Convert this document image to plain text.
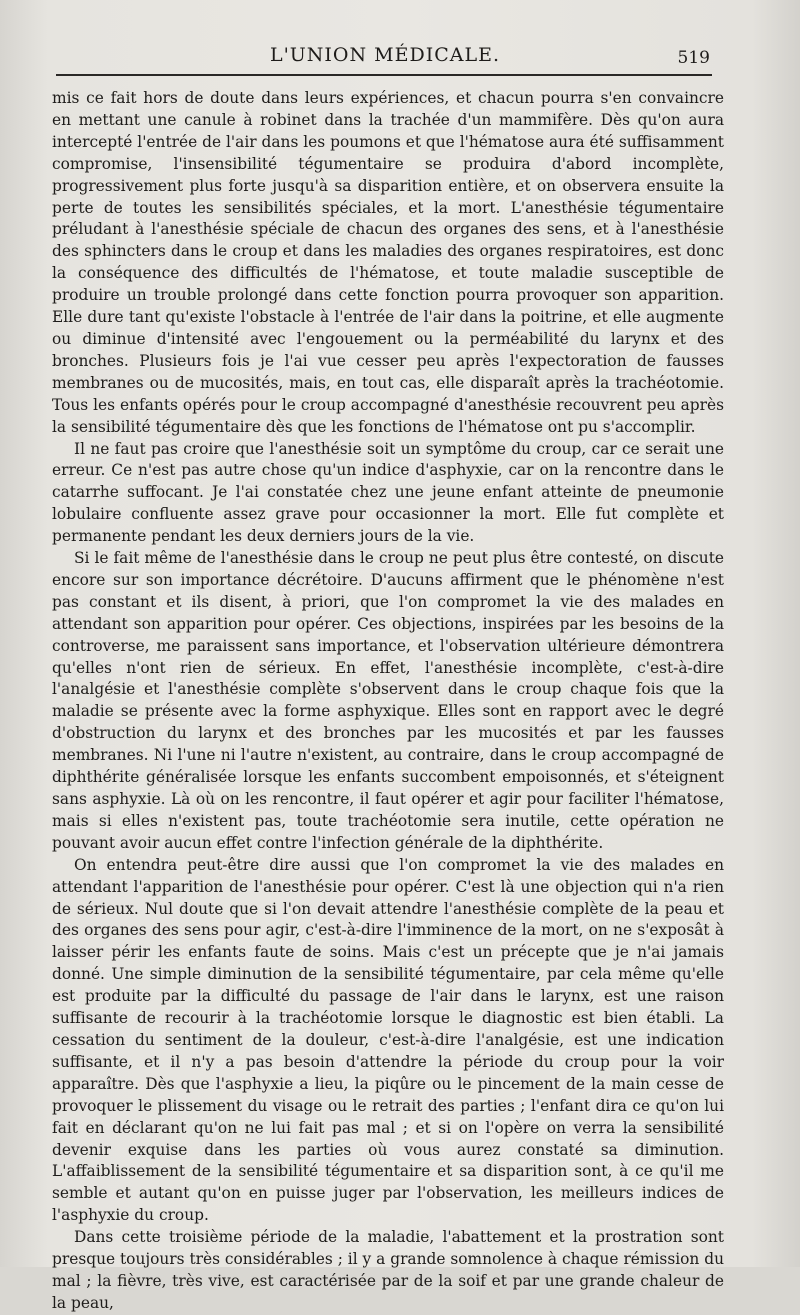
L'UNION MÉDICALE.	519

mis ce fait hors de doute dans leurs expériences, et chacun pourra s'en convaincre en mettant une canule à robinet dans la trachée d'un mammifère. Dès qu'on aura intercepté l'entrée de l'air dans les poumons et que l'hématose aura été suffisamment compromise, l'insensibilité tégumentaire se produira d'abord incomplète, progressivement plus forte jusqu'à sa disparition entière, et on observera ensuite la perte de toutes les sensibilités spéciales, et la mort. L'anesthésie tégumentaire préludant à l'anesthésie spéciale de chacun des organes des sens, et à l'anesthésie des sphincters dans le croup et dans les maladies des organes respiratoires, est donc la conséquence des difficultés de l'hématose, et toute maladie susceptible de produire un trouble prolongé dans cette fonction pourra provoquer son apparition. Elle dure tant qu'existe l'obstacle à l'entrée de l'air dans la poitrine, et elle augmente ou diminue d'intensité avec l'engouement ou la perméabilité du larynx et des bronches. Plusieurs fois je l'ai vue cesser peu après l'expectoration de fausses membranes ou de mucosités, mais, en tout cas, elle disparaît après la trachéotomie. Tous les enfants opérés pour le croup accompagné d'anesthésie recouvrent peu après la sensibilité tégumentaire dès que les fonctions de l'hématose ont pu s'accomplir.

Il ne faut pas croire que l'anesthésie soit un symptôme du croup, car ce serait une erreur. Ce n'est pas autre chose qu'un indice d'asphyxie, car on la rencontre dans le catarrhe suffocant. Je l'ai constatée chez une jeune enfant atteinte de pneumonie lobulaire confluente assez grave pour occasionner la mort. Elle fut complète et permanente pendant les deux derniers jours de la vie.

Si le fait même de l'anesthésie dans le croup ne peut plus être contesté, on discute encore sur son importance décrétoire. D'aucuns affirment que le phénomène n'est pas constant et ils disent, à priori, que l'on compromet la vie des malades en attendant son apparition pour opérer. Ces objections, inspirées par les besoins de la controverse, me paraissent sans importance, et l'observation ultérieure démontrera qu'elles n'ont rien de sérieux. En effet, l'anesthésie incomplète, c'est-à-dire l'analgésie et l'anesthésie complète s'observent dans le croup chaque fois que la maladie se présente avec la forme asphyxique. Elles sont en rapport avec le degré d'obstruction du larynx et des bronches par les mucosités et par les fausses membranes. Ni l'une ni l'autre n'existent, au contraire, dans le croup accompagné de diphthérite généralisée lorsque les enfants succombent empoisonnés, et s'éteignent sans asphyxie. Là où on les rencontre, il faut opérer et agir pour faciliter l'hématose, mais si elles n'existent pas, toute trachéotomie sera inutile, cette opération ne pouvant avoir aucun effet contre l'infection générale de la diphthérite.

On entendra peut-être dire aussi que l'on compromet la vie des malades en attendant l'apparition de l'anesthésie pour opérer. C'est là une objection qui n'a rien de sérieux. Nul doute que si l'on devait attendre l'anesthésie complète de la peau et des organes des sens pour agir, c'est-à-dire l'imminence de la mort, on ne s'exposât à laisser périr les enfants faute de soins. Mais c'est un précepte que je n'ai jamais donné. Une simple diminution de la sensibilité tégumentaire, par cela même qu'elle est produite par la difficulté du passage de l'air dans le larynx, est une raison suffisante de recourir à la trachéotomie lorsque le diagnostic est bien établi. La cessation du sentiment de la douleur, c'est-à-dire l'analgésie, est une indication suffisante, et il n'y a pas besoin d'attendre la période du croup pour la voir apparaître. Dès que l'asphyxie a lieu, la piqûre ou le pincement de la main cesse de provoquer le plissement du visage ou le retrait des parties ; l'enfant dira ce qu'on lui fait en déclarant qu'on ne lui fait pas mal ; et si on l'opère on verra la sensibilité devenir exquise dans les parties où vous aurez constaté sa diminution. L'affaiblissement de la sensibilité tégumentaire et sa disparition sont, à ce qu'il me semble et autant qu'on en puisse juger par l'observation, les meilleurs indices de l'asphyxie du croup.

Dans cette troisième période de la maladie, l'abattement et la prostration sont presque toujours très considérables ; il y a grande somnolence à chaque rémission du mal ; la fièvre, très vive, est caractérisée par de la soif et par une grande chaleur de la peau,
